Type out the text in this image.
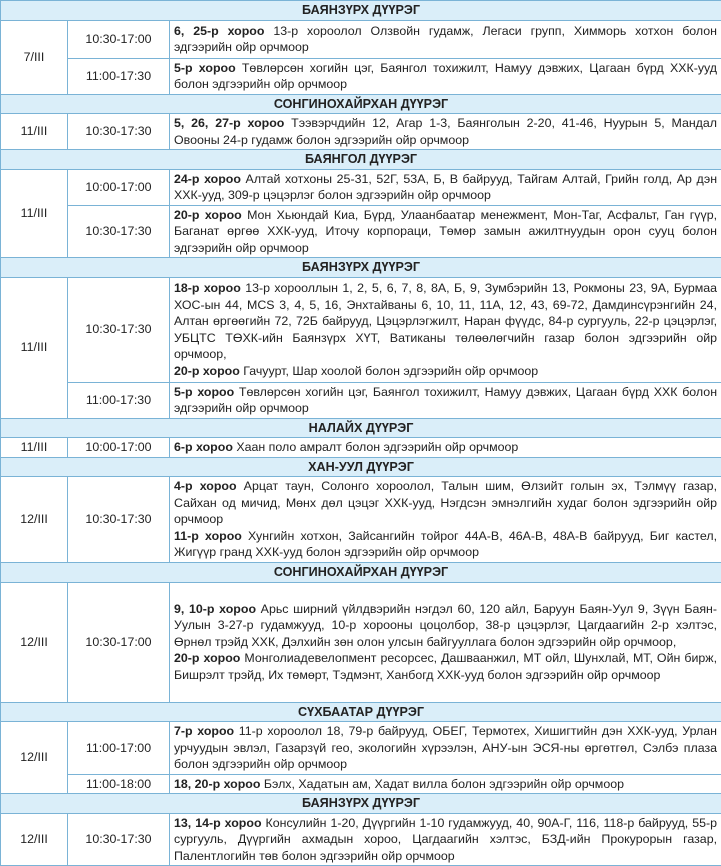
БАЯНЗҮРХ ДҮҮРЭГ		
7/III	10:30-17:00	6, 25-р хороо 13-р хороолол Олзвойн гудамж, Легаси групп, Химморь хотхон болон эдгээрийн ойр орчмоор

	11:00-17:30	5-р хороо Төвлөрсөн хогийн цэг, Баянгол тохижилт, Намуу дэвжих, Цагаан бүрд ХХК-ууд болон эдгээрийн ойр орчмоор

СОНГИНОХАЙРХАН ДҮҮРЭГ		
11/III	10:30-17:30	5, 26, 27-р хороо Тээвэрчдийн 12, Агар 1-3, Баянголын 2-20, 41-46, Нуурын 5, Мандал Овооны 24-р гудамж болон эдгээрийн ойр орчмоор

БАЯНГОЛ ДҮҮРЭГ		
11/III	10:00-17:00	24-р хороо Алтай хотхоны 25-31, 52Г, 53А, Б, В байрууд, Тайгам Алтай, Грийн голд, Ар дэн ХХК-ууд, 309-р цэцэрлэг болон эдгээрийн ойр орчмоор

	10:30-17:30	20-р хороо Мон Хьюндай Киа, Бүрд, Улаанбаатар менежмент, Мон-Таг, Асфальт, Ган гүүр, Баганат өргөө ХХК-ууд, Иточу корпораци, Төмөр замын ажилтнуудын орон сууц болон эдгээрийн ойр орчмоор

БАЯНЗҮРХ ДҮҮРЭГ		
11/III	10:30-17:30	18-р хороо 13-р хорооллын 1, 2, 5, 6, 7, 8, 8А, Б, 9, Зумбэрийн 13, Рокмоны 23, 9А, Бурмаа ХОС-ын 44, MCS 3, 4, 5, 16, Энхтайваны 6, 10, 11, 11А, 12, 43, 69-72, Дамдинсүрэнгийн 24, Алтан өргөөгийн 72, 72Б байрууд, Цэцэрлэгжилт, Наран фүүдс, 84-р сургууль, 22-р цэцэрлэг, УБЦТС ТӨХК-ийн Баянзүрх ХҮТ, Ватиканы төлөөлөгчийн газар болон эдгээрийн ойр орчмоор,
20-р хороо Гачуурт, Шар хоолой болон эдгээрийн ойр орчмоор

	11:00-17:30	5-р хороо Төвлөрсөн хогийн цэг, Баянгол тохижилт, Намуу дэвжих, Цагаан бүрд ХХК болон эдгээрийн ойр орчмоор

НАЛАЙХ ДҮҮРЭГ		
11/III	10:00-17:00	6-р хороо Хаан поло амралт болон эдгээрийн ойр орчмоор

ХАН-УУЛ ДҮҮРЭГ		
12/III	10:30-17:30	4-р хороо Арцат таун, Солонго хороолол, Талын шим, Өлзийт голын эх, Тэлмүү газар, Сайхан од мичид, Мөнх дөл цэцэг ХХК-ууд, Нэгдсэн эмнэлгийн худаг болон эдгээрийн ойр орчмоор
11-р хороо Хунгийн хотхон, Зайсангийн тойрог 44А-В, 46А-В, 48А-В байрууд, Биг кастел, Жигүүр гранд ХХК-ууд болон эдгээрийн ойр орчмоор

СОНГИНОХАЙРХАН ДҮҮРЭГ		
12/III	10:30-17:00	9, 10-р хороо Арьс ширний үйлдвэрийн нэгдэл 60, 120 айл, Баруун Баян-Уул 9, Зүүн Баян-Уулын 3-27-р гудамжууд, 10-р хорооны цоцолбор, 38-р цэцэрлэг, Цагдаагийн 2-р хэлтэс, Өрнөл трэйд ХХК, Дэлхийн зөн олон улсын байгууллага болон эдгээрийн ойр орчмоор,
20-р хороо Монголиадевелопмент ресорсес, Дашваанжил, МТ ойл, Шунхлай, МТ, Ойн бирж, Бишрэлт трэйд, Их төмөрт, Тэдмэнт, Ханбогд ХХК-ууд болон эдгээрийн ойр орчмоор

СҮХБААТАР ДҮҮРЭГ		
12/III	11:00-17:00	7-р хороо 11-р хороолол 18, 79-р байрууд, ОБЕГ, Термотех, Хишигтийн дэн ХХК-ууд, Урлан урчуудын эвлэл, Газарзүй гео, экологийн хүрээлэн, АНУ-ын ЭСЯ-ны өргөтгөл, Сэлбэ плаза болон эдгээрийн ойр орчмоор

	11:00-18:00	18, 20-р хороо Бэлх, Хадатын ам, Хадат вилла болон эдгээрийн ойр орчмоор

БАЯНЗҮРХ ДҮҮРЭГ		
12/III	10:30-17:30	13, 14-р хороо Консулийн 1-20, Дүүргийн 1-10 гудамжууд, 40, 90А-Г, 116, 118-р байрууд, 55-р сургууль, Дүүргийн ахмадын хороо, Цагдаагийн хэлтэс, БЗД-ийн Прокурорын газар, Палентлогийн төв болон эдгээрийн ойр орчмоор
